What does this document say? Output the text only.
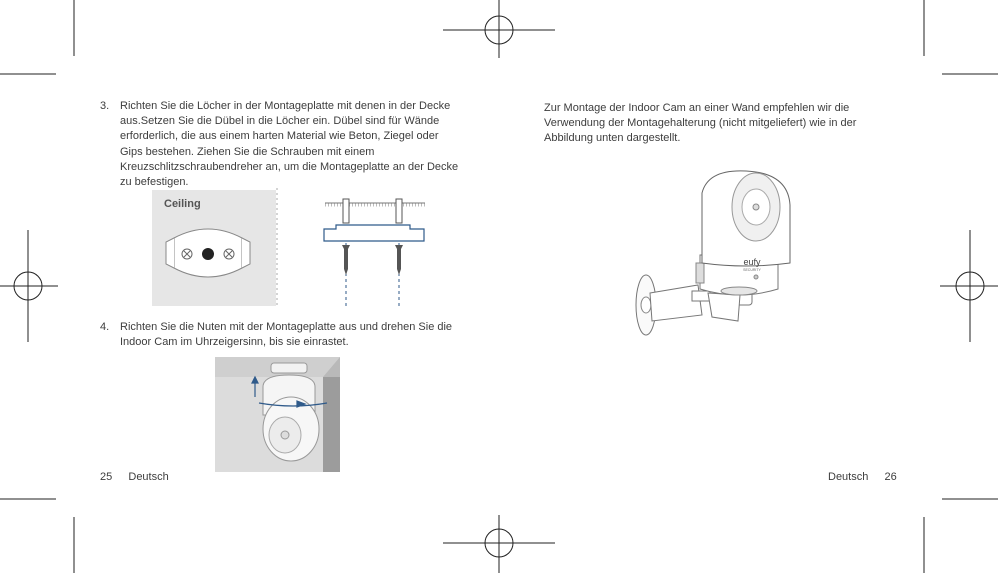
3. Richten Sie die Löcher in der Montageplatte mit denen in der Decke aus.Setzen Sie die Dübel in die Löcher ein. Dübel sind für Wände erforderlich, die aus einem harten Material wie Beton, Ziegel oder Gips bestehen. Ziehen Sie die Schrauben mit einem Kreuzschlitzschraubendreher an, um die Montageplatte an der Decke zu befestigen.
Ceiling
4. Richten Sie die Nuten mit der Montageplatte aus und drehen Sie die Indoor Cam im Uhrzeigersinn, bis sie einrastet.
25 Deutsch
Zur Montage der Indoor Cam an einer Wand empfehlen wir die Verwendung der Montagehalterung (nicht mitgeliefert) wie in der Abbildung unten dargestellt.
eufy
SECURITY
Deutsch 26
